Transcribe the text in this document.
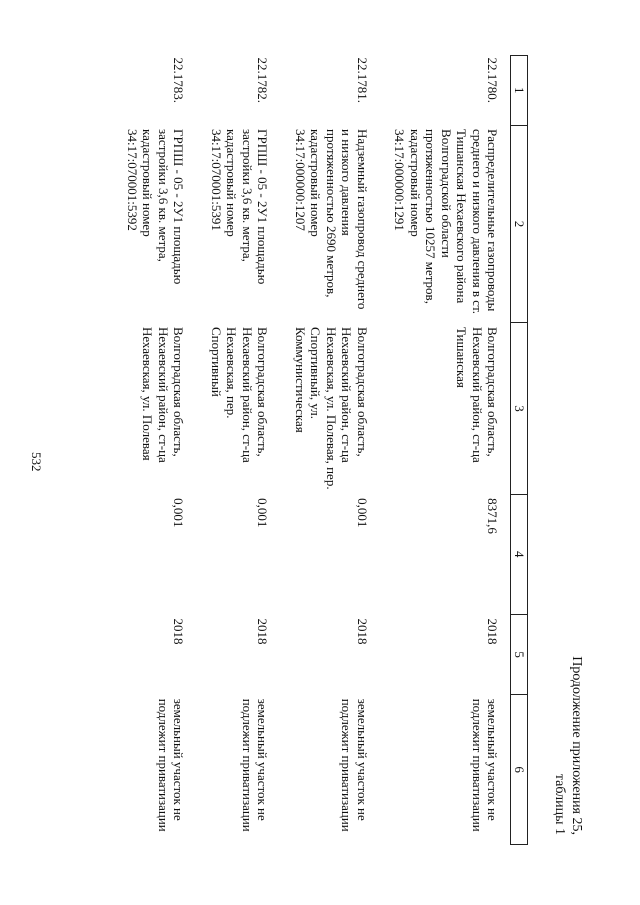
532
Продолжение приложения 25,
таблицы 1
1	2	3	4	5	6
22.1780.	Распределительные газопроводы среднего и низкого давления в ст. Тишанская Нехаевского района Волгоградской области протяженностью 10257 метров, кадастровый номер 34:17:000000:1291	Волгоградская область, Нехаевский район, ст-ца Тишанская	8371,6	2018	земельный участок не подлежит приватизации
22.1781.	Надземный газопровод среднего и низкого давления протяженностью 2690 метров, кадастровый номер 34:17:000000:1207	Волгоградская область, Нехаевский район, ст-ца Нехаевская, ул. Полевая, пер. Спортивный, ул. Коммунистическая	0,001	2018	земельный участок не подлежит приватизации
22.1782.	ГРПШ - 05 - 2У1 площадью застройки 3,6 кв. метра, кадастровый номер 34:17:070001:5391	Волгоградская область, Нехаевский район, ст-ца Нехаевская, пер. Спортивный	0,001	2018	земельный участок не подлежит приватизации
22.1783.	ГРПШ - 05 - 2У1 площадью застройки 3,6 кв. метра, кадастровый номер 34:17:070001:5392	Волгоградская область, Нехаевский район, ст-ца Нехаевская, ул. Полевая	0,001	2018	земельный участок не подлежит приватизации
